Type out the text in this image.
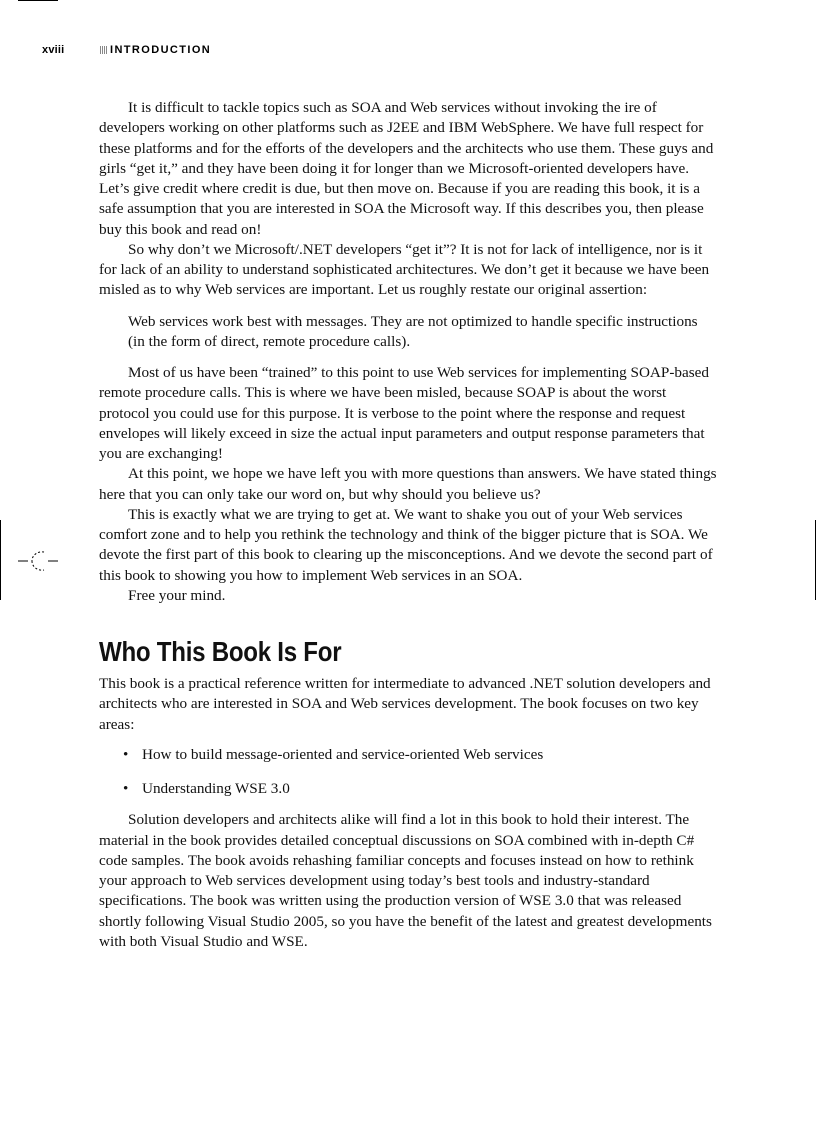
xviii	INTRODUCTION

It is difficult to tackle topics such as SOA and Web services without invoking the ire of developers working on other platforms such as J2EE and IBM WebSphere. We have full respect for these platforms and for the efforts of the developers and the architects who use them. These guys and girls “get it,” and they have been doing it for longer than we Microsoft-oriented developers have. Let’s give credit where credit is due, but then move on. Because if you are reading this book, it is a safe assumption that you are interested in SOA the Microsoft way. If this describes you, then please buy this book and read on!

So why don’t we Microsoft/.NET developers “get it”? It is not for lack of intelligence, nor is it for lack of an ability to understand sophisticated architectures. We don’t get it because we have been misled as to why Web services are important. Let us roughly restate our original assertion:

Web services work best with messages. They are not optimized to handle specific instructions (in the form of direct, remote procedure calls).

Most of us have been “trained” to this point to use Web services for implementing SOAP-based remote procedure calls. This is where we have been misled, because SOAP is about the worst protocol you could use for this purpose. It is verbose to the point where the response and request envelopes will likely exceed in size the actual input parameters and output response parameters that you are exchanging!

At this point, we hope we have left you with more questions than answers. We have stated things here that you can only take our word on, but why should you believe us?

This is exactly what we are trying to get at. We want to shake you out of your Web services comfort zone and to help you rethink the technology and think of the bigger picture that is SOA. We devote the first part of this book to clearing up the misconceptions. And we devote the second part of this book to showing you how to implement Web services in an SOA.

Free your mind.

Who This Book Is For

This book is a practical reference written for intermediate to advanced .NET solution developers and architects who are interested in SOA and Web services development. The book focuses on two key areas:

• How to build message-oriented and service-oriented Web services
• Understanding WSE 3.0

Solution developers and architects alike will find a lot in this book to hold their interest. The material in the book provides detailed conceptual discussions on SOA combined with in-depth C# code samples. The book avoids rehashing familiar concepts and focuses instead on how to rethink your approach to Web services development using today’s best tools and industry-standard specifications. The book was written using the production version of WSE 3.0 that was released shortly following Visual Studio 2005, so you have the benefit of the latest and greatest developments with both Visual Studio and WSE.
